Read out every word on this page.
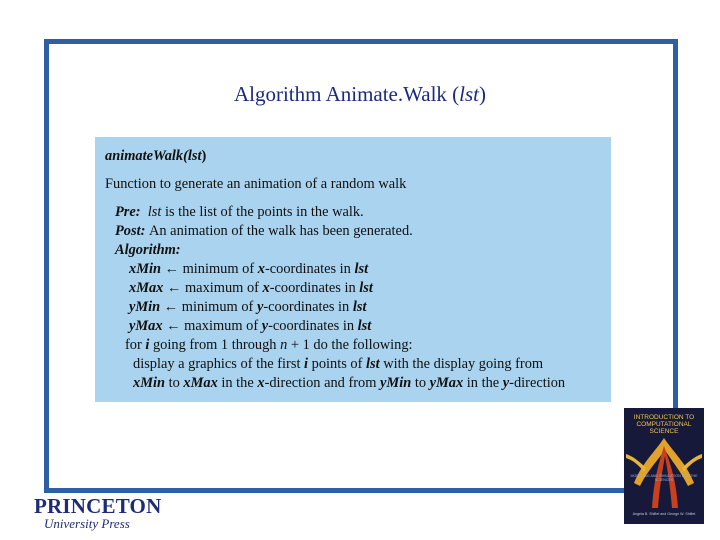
Algorithm Animate.Walk (lst)
animateWalk(lst)
Function to generate an animation of a random walk
Pre: lst is the list of the points in the walk.
Post: An animation of the walk has been generated.
Algorithm:
xMin ← minimum of x-coordinates in lst
xMax ← maximum of x-coordinates in lst
yMin ← minimum of y-coordinates in lst
yMax ← maximum of y-coordinates in lst
for i going from 1 through n + 1 do the following:
display a graphics of the first i points of lst with the display going from
xMin to xMax in the x-direction and from yMin to yMax in the y-direction
INTRODUCTION TO COMPUTATIONAL SCIENCE
MODELING AND SIMULATION FOR THE SCIENCES
Angela B. Shiflet and George W. Shiflet
PRINCETON
University Press
